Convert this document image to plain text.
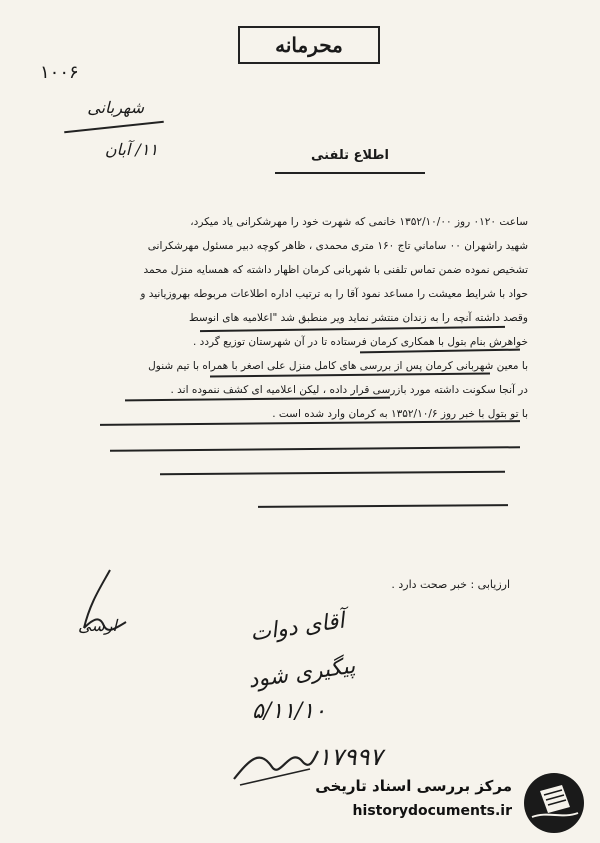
محرمانه
۱۰۰۶
شهربانی
۱۱/ آبان	اطلاع تلفنی

ساعت ۰۱۲۰ روز ۱۳۵۲/۱۰/۰۰ خانمی که شهرت خود را مهرشکرانی یاد میکرد،

شهید راشهران ۰۰ ساماني تاج ۱۶۰ متری محمدی ، ظاهر کوچه دبیر مسئول مهرشکرانی

تشخیص نموده ضمن تماس تلفنی با شهربانی کرمان اظهار داشته که همسایه منزل محمد

حواد با شرایط معیشت را مساعد نمود آقا را به ترتیب اداره اطلاعات مربوطه بهروزیانید و

وقصد داشته آنچه را به زندان منتشر نماید ویر منطبق شد "اعلامیه های انوسط

خواهرش بنام بتول با همکاری کرمان فرستاده تا در آن شهرستان توزیع گردد .

با معین شهربانی کرمان پس از بررسی های کامل منزل علی اصغر با همراه با تیم شنول

در آنجا سکونت داشته مورد بازرسی قرار داده ، لیکن اعلامیه ای کشف ننموده اند .

با تو بتول با خبر روز ۱۳۵۲/۱۰/۶ به کرمان وارد شده است .

ارزیابی : خبر صحت دارد .
ارسی	آقای دوات
پیگیری شود
۵/۱۱/۱۰
۱۷۹۹۷
مرکز بررسی اسناد تاریخی
historydocuments.ir
